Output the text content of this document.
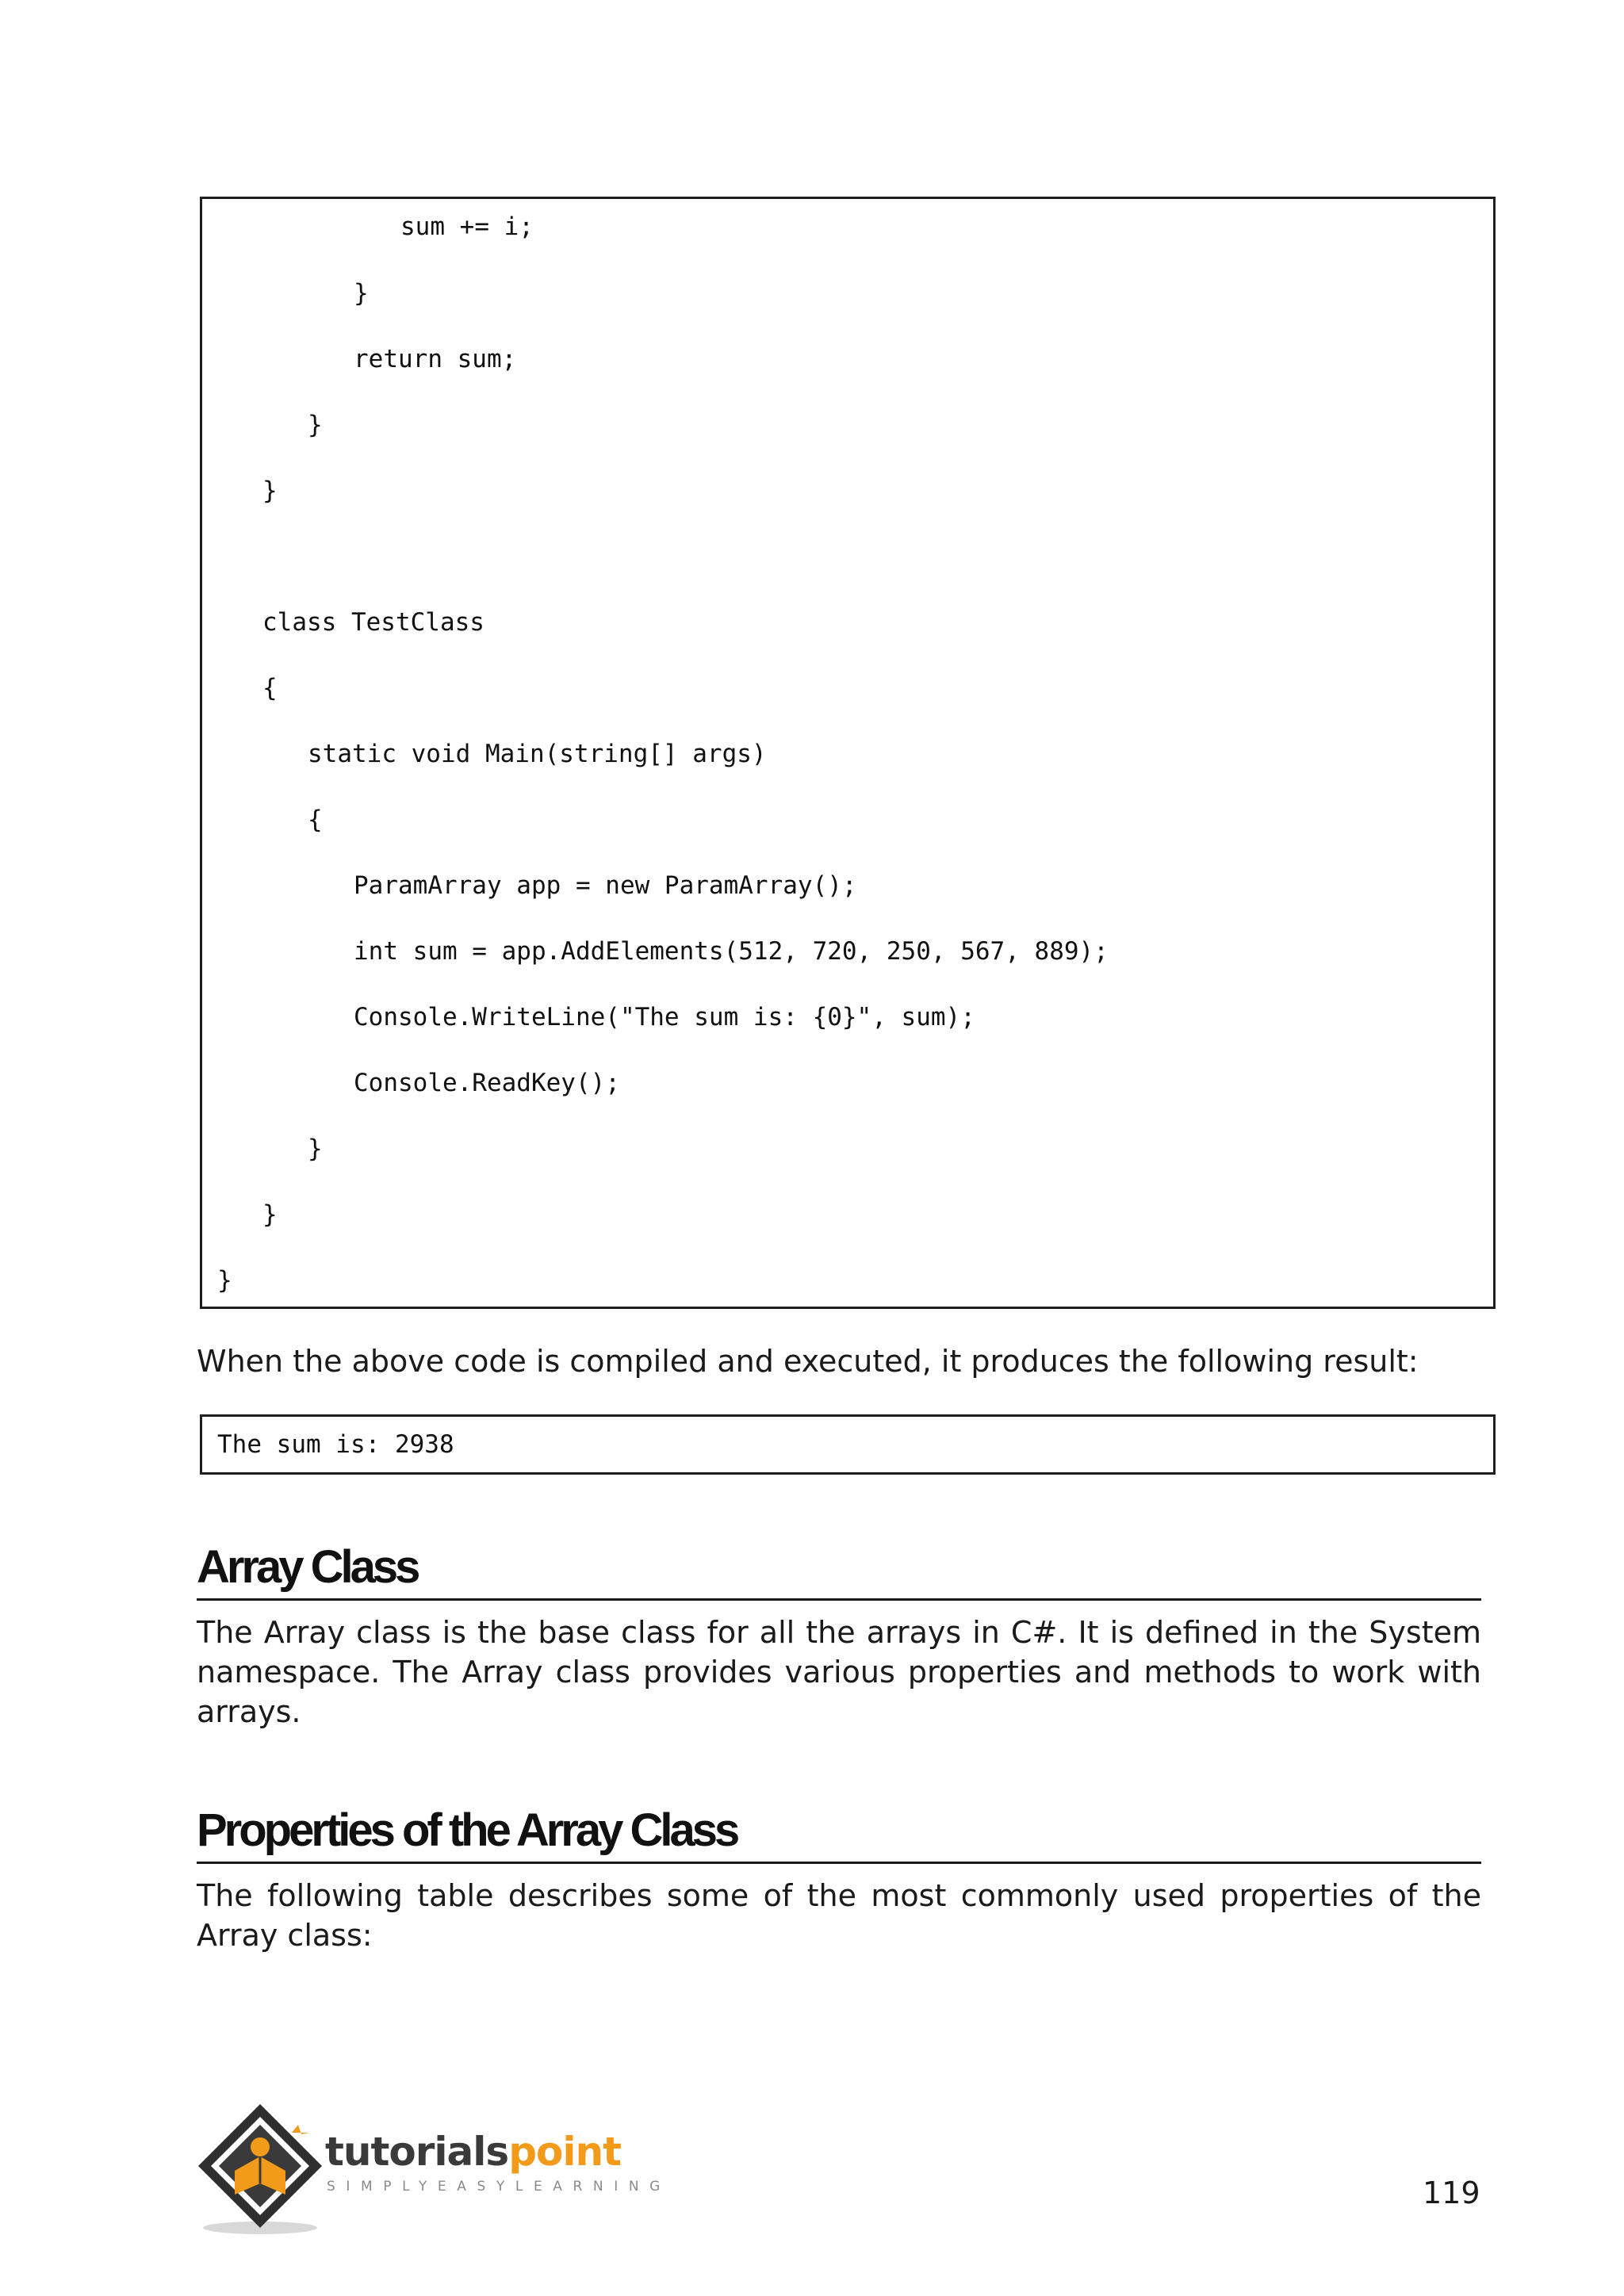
sum += i;
}
return sum;
}
}
class TestClass
{
static void Main(string[] args)
{
ParamArray app = new ParamArray();
int sum = app.AddElements(512, 720, 250, 567, 889);
Console.WriteLine("The sum is: {0}", sum);
Console.ReadKey();
}
}
}
When the above code is compiled and executed, it produces the following result:
The sum is: 2938
Array Class
The Array class is the base class for all the arrays in C#. It is defined in the System namespace. The Array class provides various properties and methods to work with arrays.
Properties of the Array Class
The following table describes some of the most commonly used properties of the Array class:
tutorialspoint
SIMPLYEASYLEARNING	119
